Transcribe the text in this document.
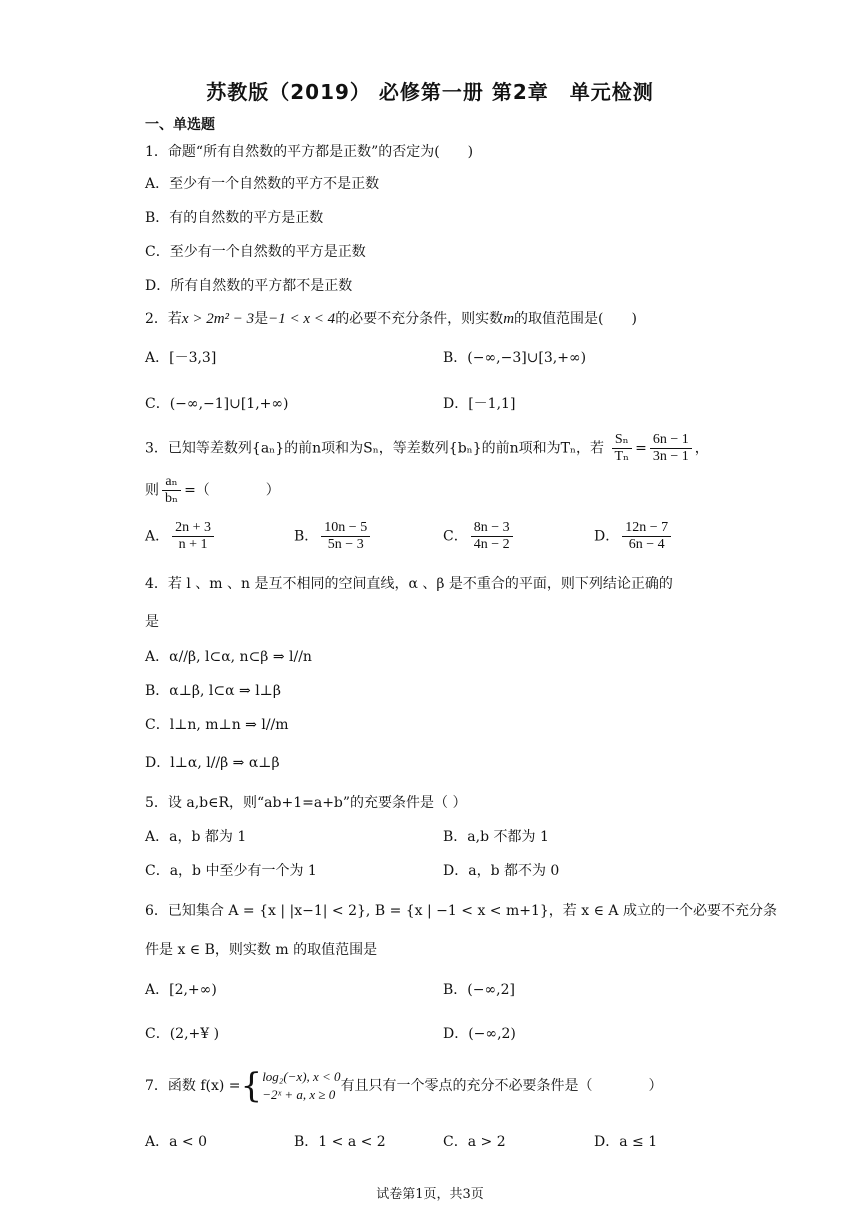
苏教版（2019） 必修第一册 第2章　单元检测
一、单选题
1．命题“所有自然数的平方都是正数”的否定为(　　)
A．至少有一个自然数的平方不是正数
B．有的自然数的平方是正数
C．至少有一个自然数的平方是正数
D．所有自然数的平方都不是正数
2．若x > 2m² − 3是−1 < x < 4的必要不充分条件，则实数m的取值范围是(　　)
A．[－3,3]	B．(−∞,−3]∪[3,+∞)
C．(−∞,−1]∪[1,+∞)	D．[－1,1]
3．已知等差数列{aₙ}的前n项和为Sₙ，等差数列{bₙ}的前n项和为Tₙ，若 $\frac{\text{Sₙ}}{\text{Tₙ}} = \frac{6n - 1}{3n - 1}$ ，
则 $\frac{\text{aₙ}}{\text{bₙ}}$ =（　　　　）
A． $\frac{2n + 3}{n + 1}$	B． $\frac{10n - 5}{5n - 3}$	C． $\frac{8n - 3}{4n - 2}$	D． $\frac{12n - 7}{6n - 4}$
4．若 l 、m 、n 是互不相同的空间直线，α 、β 是不重合的平面，则下列结论正确的
是
A．α//β, l⊂α, n⊂β ⇒ l//n
B．α⊥β, l⊂α ⇒ l⊥β
C．l⊥n, m⊥n ⇒ l//m
D．l⊥α, l//β ⇒ α⊥β
5．设 a,b∈R，则“ab+1=a+b”的充要条件是（ ）
A．a，b 都为 1	B．a,b 不都为 1
C．a，b 中至少有一个为 1	D．a，b 都不为 0
6．已知集合 A = {x | |x−1| < 2}, B = {x | −1 < x < m+1}，若 x ∈ A 成立的一个必要不充分条
件是 x ∈ B，则实数 m 的取值范围是
A．[2,+∞)	B．(−∞,2]
C．(2,+¥ )	D．(−∞,2)
7．函数 f(x) ={ log₂(−x), x < 0
−2ˣ + a, x ≥ 0
有且只有一个零点的充分不必要条件是（　　　　）
A．a < 0	B．1 < a < 2	C．a > 2	D．a ≤ 1
试卷第1页，共3页
